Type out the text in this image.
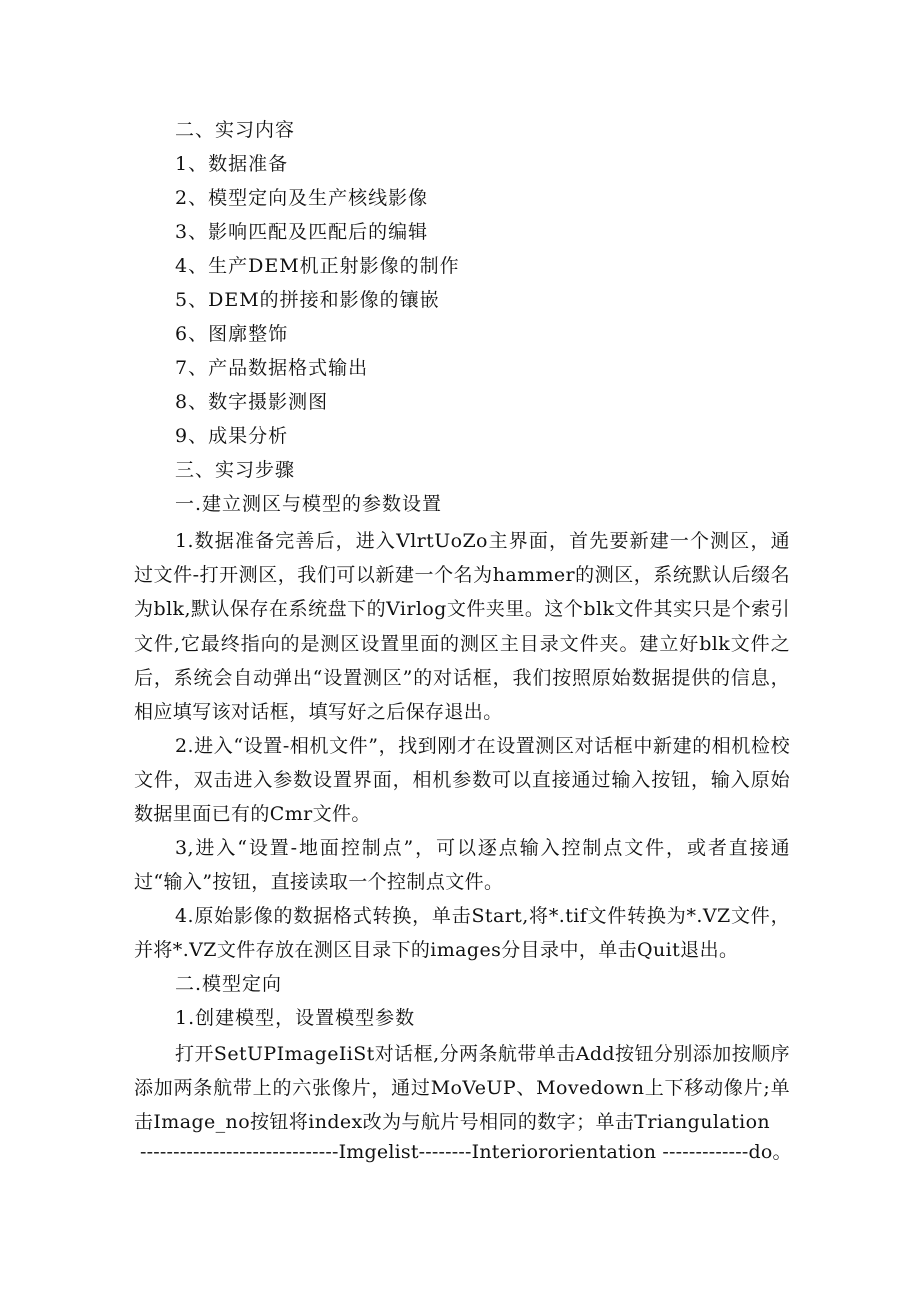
二、实习内容
1、数据准备
2、模型定向及生产核线影像
3、影响匹配及匹配后的编辑
4、生产DEM机正射影像的制作
5、DEM的拼接和影像的镶嵌
6、图廓整饰
7、产品数据格式输出
8、数字摄影测图
9、成果分析
三、实习步骤
一.建立测区与模型的参数设置
1.数据准备完善后，进入VlrtUoZo主界面，首先要新建一个测区，通过文件-打开测区，我们可以新建一个名为hammer的测区，系统默认后缀名为blk,默认保存在系统盘下的Virlog文件夹里。这个blk文件其实只是个索引文件,它最终指向的是测区设置里面的测区主目录文件夹。建立好blk文件之后，系统会自动弹出“设置测区”的对话框，我们按照原始数据提供的信息，相应填写该对话框，填写好之后保存退出。
2.进入“设置-相机文件”，找到刚才在设置测区对话框中新建的相机检校文件，双击进入参数设置界面，相机参数可以直接通过输入按钮，输入原始数据里面已有的Cmr文件。
3,进入“设置-地面控制点”，可以逐点输入控制点文件，或者直接通过“输入”按钮，直接读取一个控制点文件。
4.原始影像的数据格式转换，单击Start,将*.tif文件转换为*.VZ文件，并将*.VZ文件存放在测区目录下的images分目录中，单击Quit退出。
二.模型定向
1.创建模型，设置模型参数
打开SetUPImageIiSt对话框,分两条航带单击Add按钮分别添加按顺序添加两条航带上的六张像片，通过MoVeUP、Movedown上下移动像片;单击Image_no按钮将index改为与航片号相同的数字；单击Triangulation
------------------------------Imgelist--------Interiororientation -------------do。
